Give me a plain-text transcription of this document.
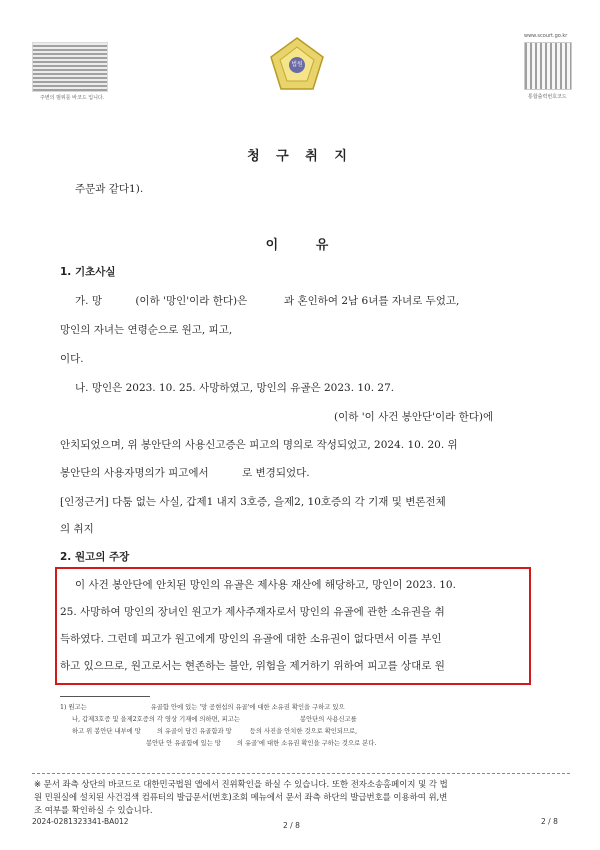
주변의 범위를 바코드 입니다.
법원
www.scourt.go.kr
통합출력번호코드
청 구 취 지
주문과 같다1).
이   유
1. 기초사실
가. 망          (이하 '망인'이라 한다)은           과 혼인하여 2남 6녀를 자녀로 두었고,
망인의 자녀는 연령순으로 원고, 피고,
이다.
나. 망인은 2023. 10. 25. 사망하였고, 망인의 유골은 2023. 10. 27.
(이하 '이 사건 봉안단'이라 한다)에
안치되었으며, 위 봉안단의 사용신고증은 피고의 명의로 작성되었고, 2024. 10. 20. 위
봉안단의 사용자명의가 피고에서          로 변경되었다.
[인정근거] 다툼 없는 사실, 갑제1 내지 3호증, 을제2, 10호증의 각 기재 및 변론전체
의 취지
2. 원고의 주장
이 사건 봉안단에 안치된 망인의 유골은 제사용 재산에 해당하고, 망인이 2023. 10.
25. 사망하여 망인의 장녀인 원고가 제사주재자로서 망인의 유골에 관한 소유권을 취
득하였다. 그런데 피고가 원고에게 망인의 유골에 대한 소유권이 없다면서 이를 부인
하고 있으므로, 원고로서는 현존하는 불안, 위험을 제거하기 위하여 피고를 상대로 원
1) 원고는                                유골함 안에 있는 '망 공현섭의 유골'에 대한 소유권 확인을 구하고 있으
나, 갑제3호증 및 을제2호증의 각 영상 기재에 의하면, 피고는                              봉안단의 사용신고를
하고 위 봉안단 내부에 망        의 유골이 담긴 유골함과 망         등의 사진을 안치한 것으로 확인되므로,
봉안단 안 유골함에 있는 망        의 유골'에 대한 소유권 확인을 구하는 것으로 본다.
※ 문서 좌측 상단의 바코드로 대한민국법원 앱에서 진위확인을 하실 수 있습니다. 또한 전자소송홈페이지 및 각 법
원 민원실에 설치된 사건검색 컴퓨터의 발급문서(번호)조회 메뉴에서 문서 좌측 하단의 발급번호를 이용하여 위,변
조 여부를 확인하실 수 있습니다.
2024-0281323341-BA012	2 / 8	2 / 8
